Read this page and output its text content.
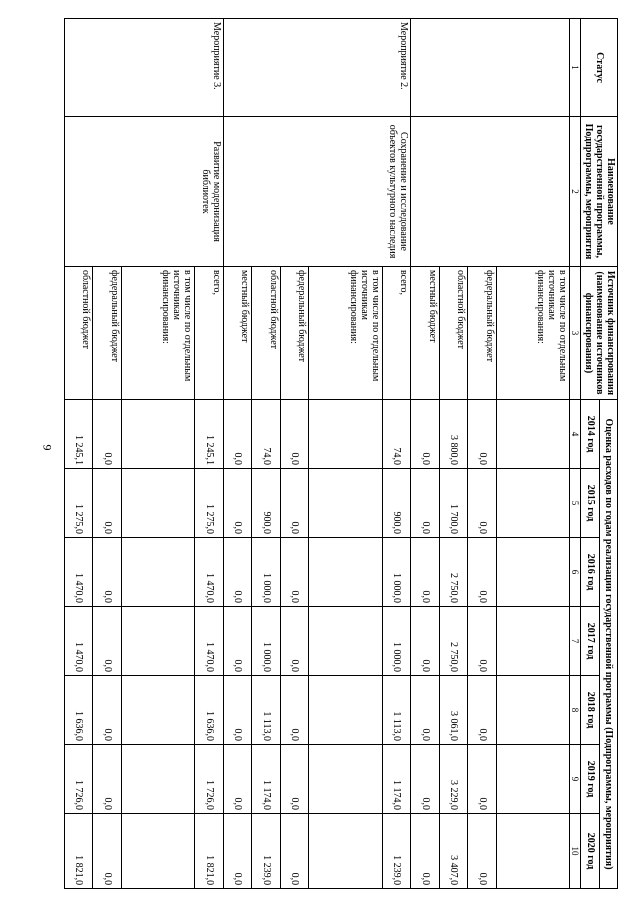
9
Статус	Наименование государственной программы, Подпрограммы, мероприятия	Источник финансирования (наименование источников финансирования)	Оценка расходов по годам реализации государственной программы (Подпрограммы, мероприятия)						
			2014 год	2015 год	2016 год	2017 год	2018 год	2019 год	2020 год
1	2	3	4	5	6	7	8	9	10
		в том числе по отдельным источникам финансирования:							
		федеральный бюджет	0,0	0,0	0,0	0,0	0,0	0,0	0,0
		областной бюджет	3 800,0	1 700,0	2 750,0	2 750,0	3 061,0	3 229,0	3 407,0
		местный бюджет	0,0	0,0	0,0	0,0	0,0	0,0	0,0
Мероприятие 2.	Сохранение и исследование объектов культурного наследия	всего,	74,0	900,0	1 000,0	1 000,0	1 113,0	1 174,0	1 239,0
		в том числе по отдельным источникам финансирования:							
		федеральный бюджет	0,0	0,0	0,0	0,0	0,0	0,0	0,0
		областной бюджет	74,0	900,0	1 000,0	1 000,0	1 113,0	1 174,0	1 239,0
		местный бюджет	0,0	0,0	0,0	0,0	0,0	0,0	0,0
Мероприятие 3.	Развитие модернизация библиотек	всего,	1 245,1	1 275,0	1 470,0	1 470,0	1 636,0	1 726,0	1 821,0
		в том числе по отдельным источникам финансирования:							
		федеральный бюджет	0,0	0,0	0,0	0,0	0,0	0,0	0,0
		областной бюджет	1 245,1	1 275,0	1 470,0	1 470,0	1 636,0	1 726,0	1 821,0
